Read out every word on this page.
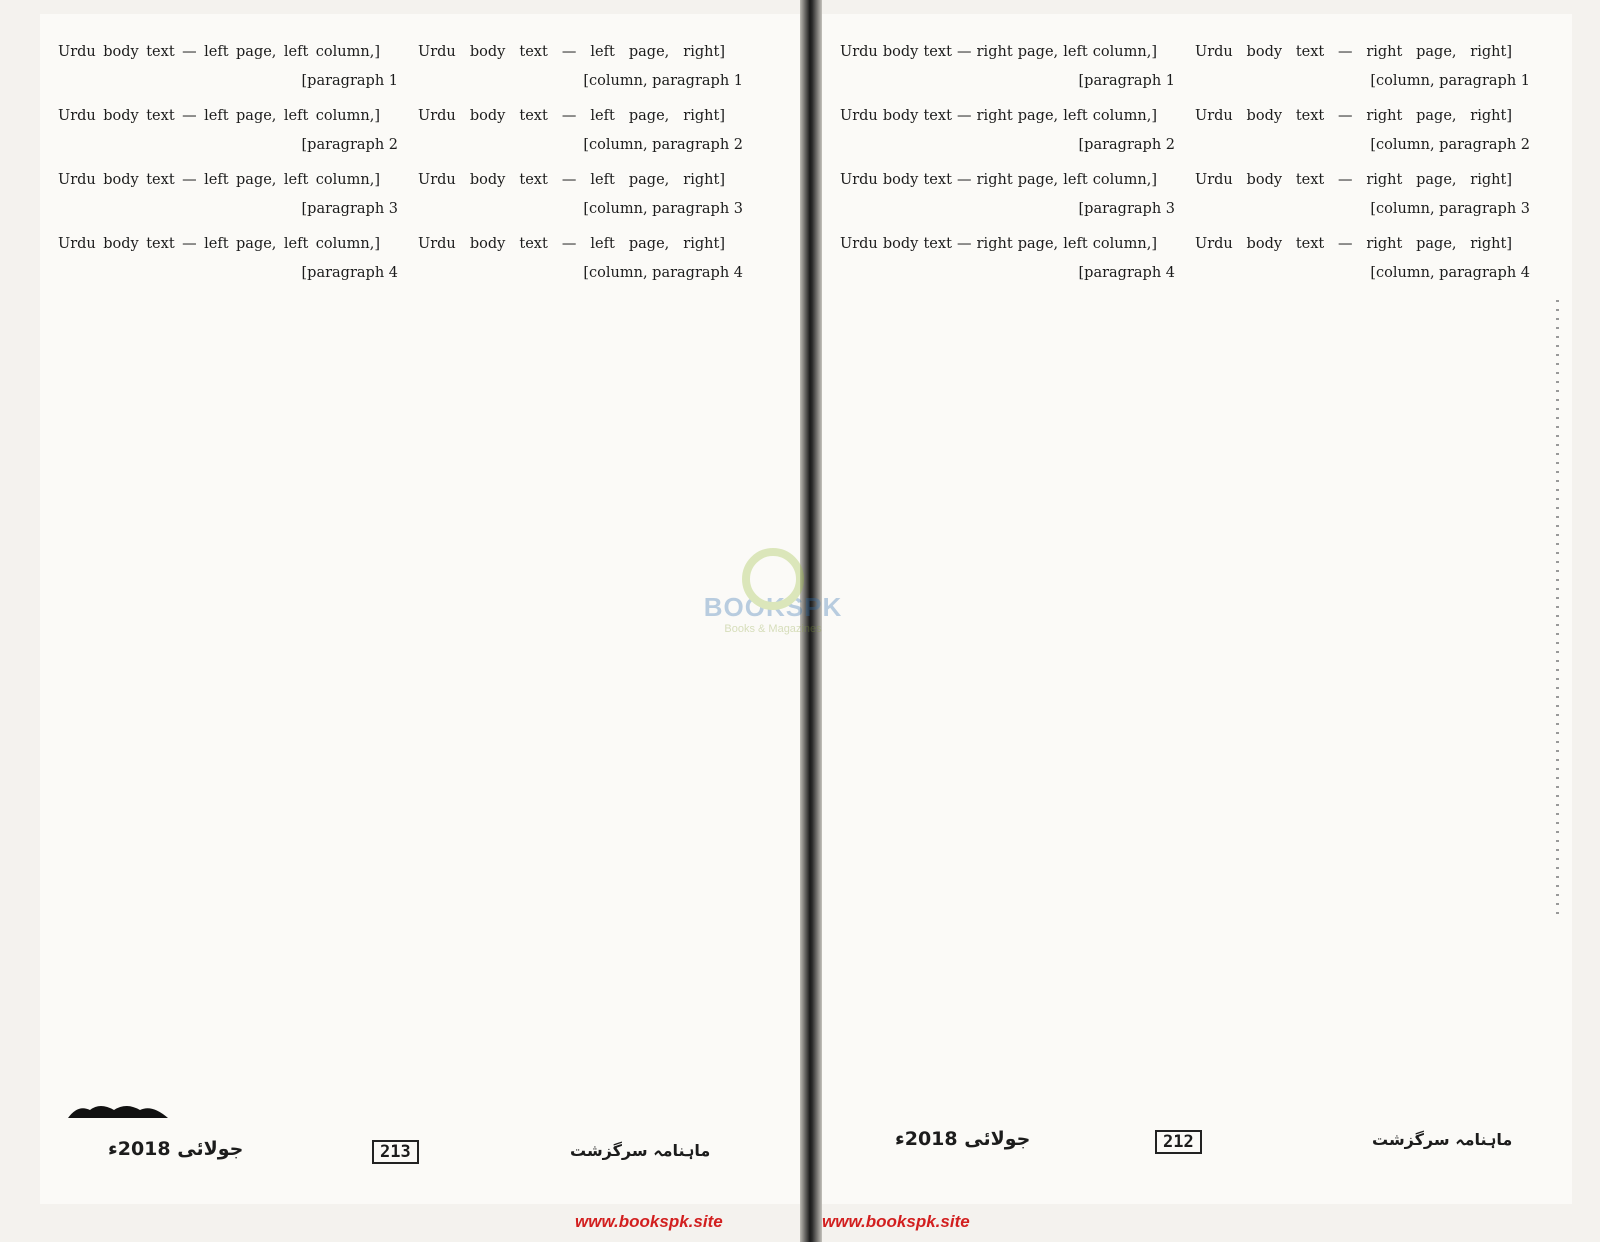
[Urdu body text — left page, left column, paragraph 1]

[Urdu body text — left page, left column, paragraph 2]

[Urdu body text — left page, left column, paragraph 3]

[Urdu body text — left page, left column, paragraph 4]

[Urdu body text — left page, right column, paragraph 1]

[Urdu body text — left page, right column, paragraph 2]

[Urdu body text — left page, right column, paragraph 3]

[Urdu body text — left page, right column, paragraph 4]

[Urdu body text — right page, left column, paragraph 1]

[Urdu body text — right page, left column, paragraph 2]

[Urdu body text — right page, left column, paragraph 3]

[Urdu body text — right page, left column, paragraph 4]

[Urdu body text — right page, right column, paragraph 1]

[Urdu body text — right page, right column, paragraph 2]

[Urdu body text — right page, right column, paragraph 3]

[Urdu body text — right page, right column, paragraph 4]

جولائی 2018ء	213	ماہنامہ سرگزشت
جولائی 2018ء	212	ماہنامہ سرگزشت
BOOKSPK
Books & Magazines
www.bookspk.site	www.bookspk.site
